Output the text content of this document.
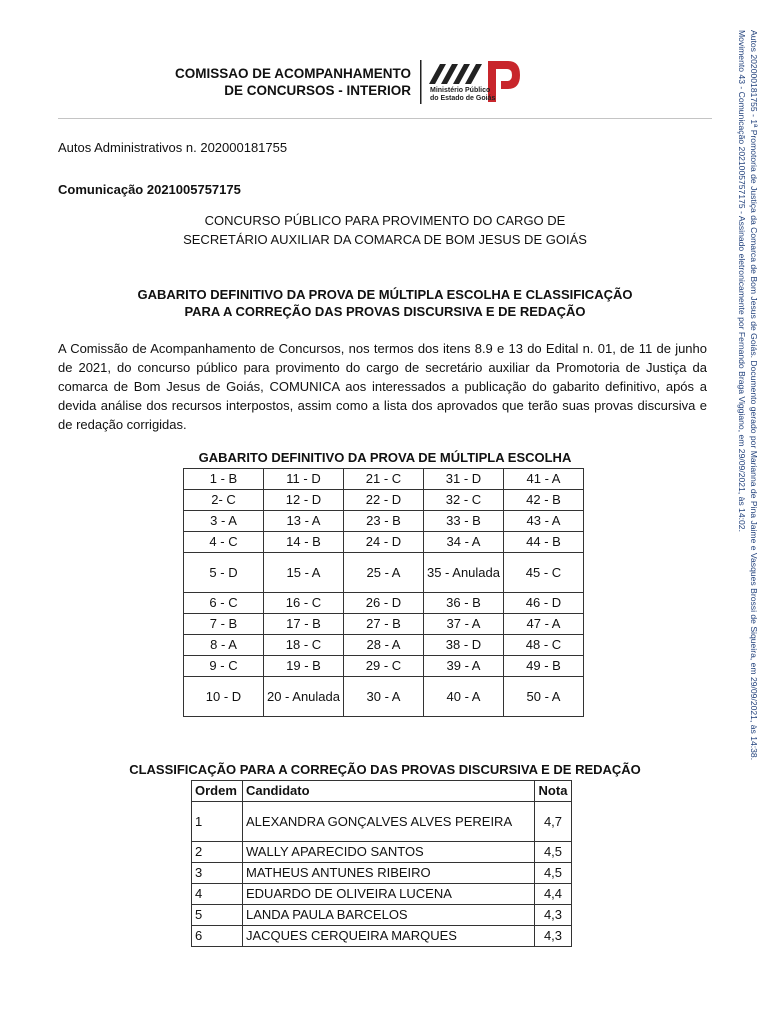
COMISSAO DE ACOMPANHAMENTO
DE CONCURSOS - INTERIOR	Ministério Público
do Estado de Goiás
Autos Administrativos n. 202000181755
Comunicação 2021005757175
CONCURSO PÚBLICO PARA PROVIMENTO DO CARGO DE
SECRETÁRIO AUXILIAR DA COMARCA DE BOM JESUS DE GOIÁS
GABARITO DEFINITIVO DA PROVA DE MÚLTIPLA ESCOLHA E CLASSIFICAÇÃO
PARA A CORREÇÃO DAS PROVAS DISCURSIVA E DE REDAÇÃO
A Comissão de Acompanhamento de Concursos, nos termos dos itens 8.9 e 13 do Edital n. 01, de 11 de junho de 2021, do concurso público para provimento do cargo de secretário auxiliar da Promotoria de Justiça da comarca de Bom Jesus de Goiás, COMUNICA aos interessados a publicação do gabarito definitivo, após a devida análise dos recursos interpostos, assim como a lista dos aprovados que terão suas provas discursiva e de redação corrigidas.
GABARITO DEFINITIVO DA PROVA DE MÚLTIPLA ESCOLHA
1 - B	11 - D	21 - C	31 - D	41 - A
2- C	12 - D	22 - D	32 - C	42 - B
3 - A	13 - A	23 - B	33 - B	43 - A
4 - C	14 - B	24 - D	34 - A	44 - B
5 - D	15 - A	25 - A	35 - Anulada	45 - C
6 - C	16 - C	26 - D	36 - B	46 - D
7 - B	17 - B	27 - B	37 - A	47 - A
8 - A	18 - C	28 - A	38 - D	48 - C
9 - C	19 - B	29 - C	39 - A	49 - B
10 - D	20 - Anulada	30 - A	40 - A	50 - A
CLASSIFICAÇÃO PARA A CORREÇÃO DAS PROVAS DISCURSIVA E DE REDAÇÃO
Ordem	Candidato	Nota
1	ALEXANDRA GONÇALVES ALVES PEREIRA	4,7
2	WALLY APARECIDO SANTOS	4,5
3	MATHEUS ANTUNES RIBEIRO	4,5
4	EDUARDO DE OLIVEIRA LUCENA	4,4
5	LANDA PAULA BARCELOS	4,3
6	JACQUES CERQUEIRA MARQUES	4,3
Autos 202000181755 - 1ª Promotoria de Justiça da Comarca de Bom Jesus de Goiás. Documento gerado por Marianna de Pina Jaime e Vasques Brossi de Siqueira, em 29/09/2021, às 14:38.
Movimento 43 - Comunicação 2021005757175 - Assinado eletronicamente por Fernando Braga Viggiano, em 29/09/2021, às 14:02.
